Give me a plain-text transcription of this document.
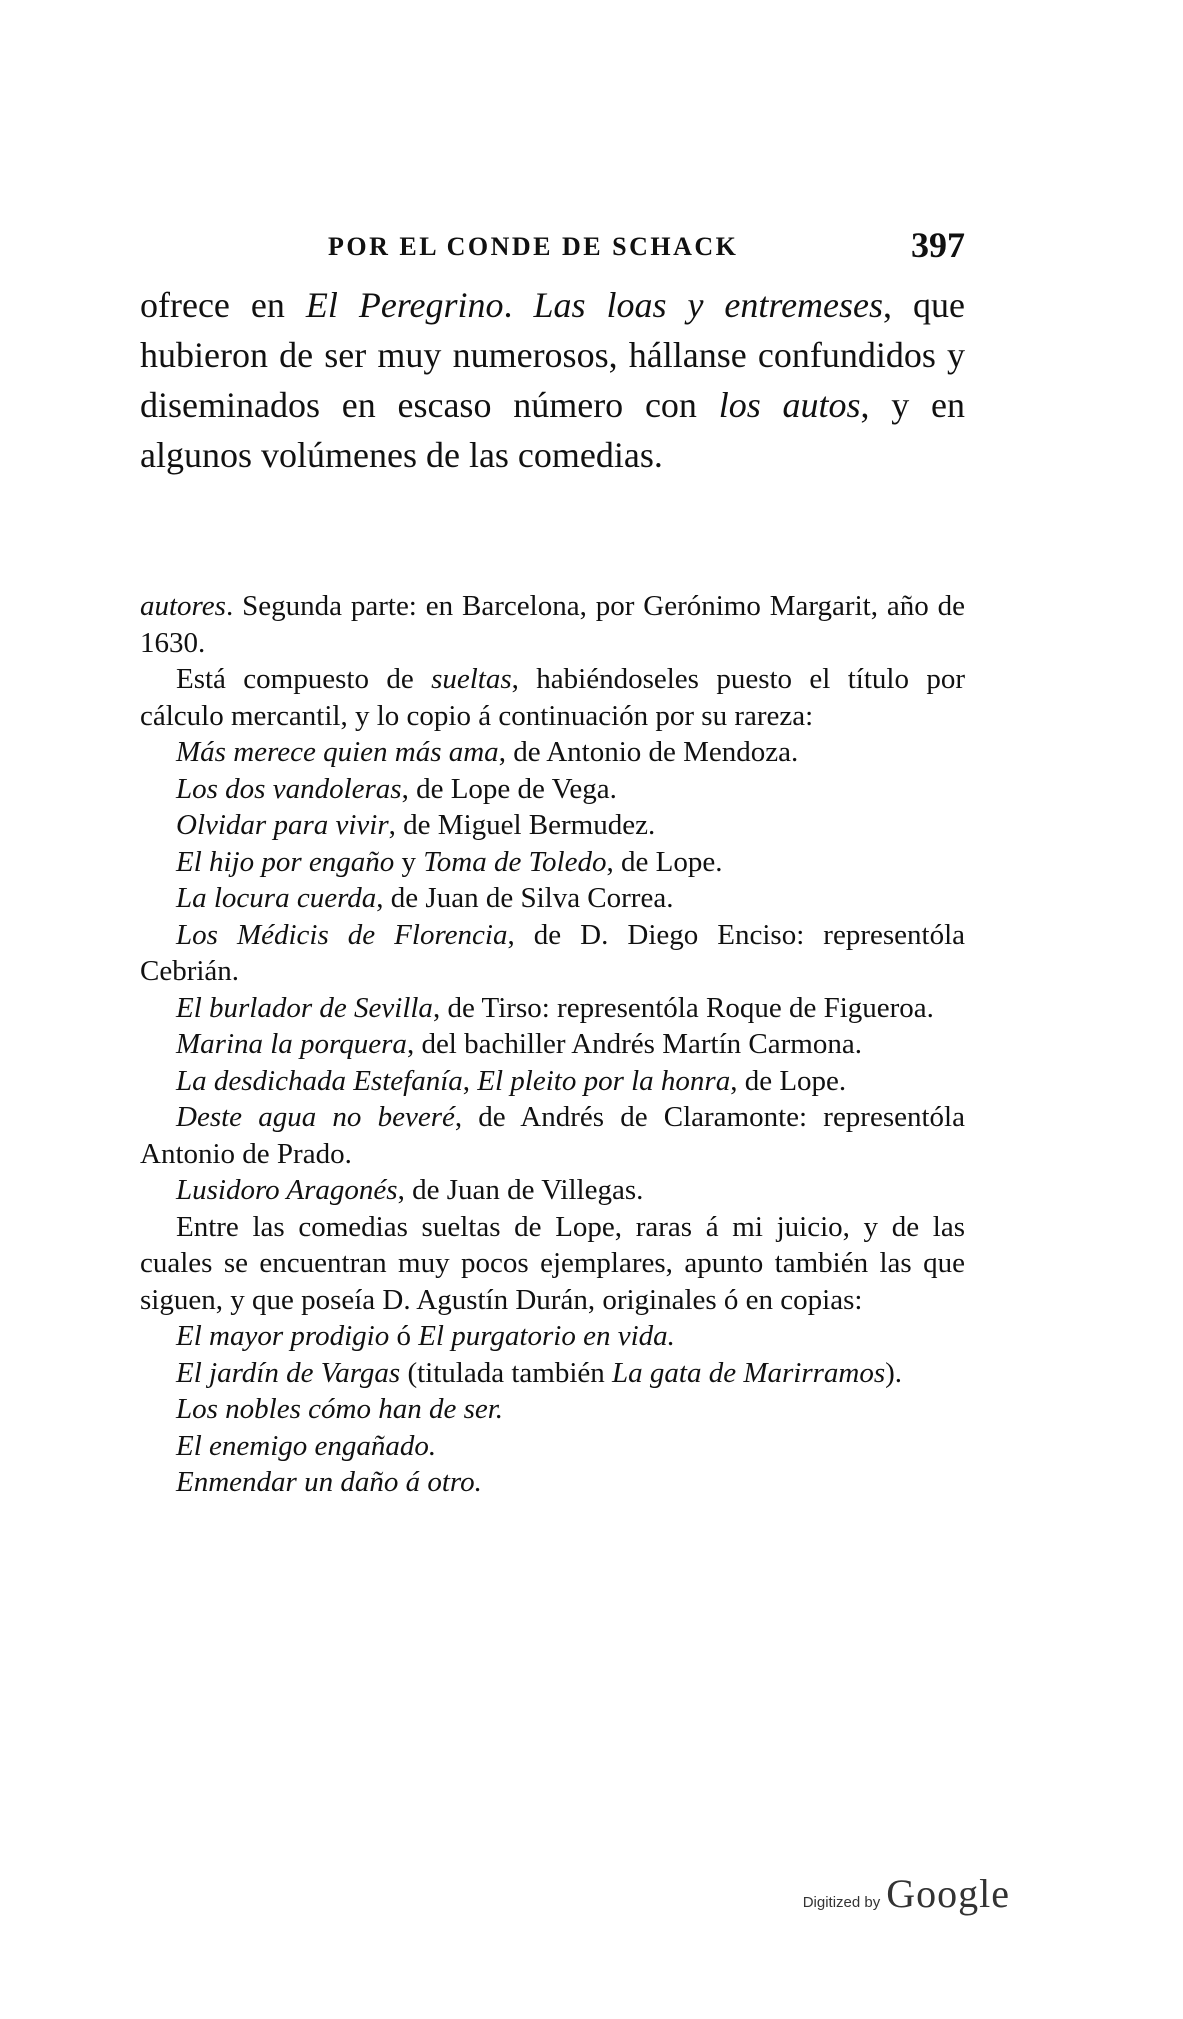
POR EL CONDE DE SCHACK	397

ofrece en El Peregrino. Las loas y entremeses, que hubieron de ser muy numerosos, hállanse confundidos y diseminados en escaso número con los autos, y en algunos volúmenes de las comedias.

autores. Segunda parte: en Barcelona, por Gerónimo Margarit, año de 1630.

Está compuesto de sueltas, habiéndoseles puesto el título por cálculo mercantil, y lo copio á continuación por su rareza:

Más merece quien más ama, de Antonio de Mendoza.

Los dos vandoleras, de Lope de Vega.

Olvidar para vivir, de Miguel Bermudez.

El hijo por engaño y Toma de Toledo, de Lope.

La locura cuerda, de Juan de Silva Correa.

Los Médicis de Florencia, de D. Diego Enciso: representóla Cebrián.

El burlador de Sevilla, de Tirso: representóla Roque de Figueroa.

Marina la porquera, del bachiller Andrés Martín Carmona.

La desdichada Estefanía, El pleito por la honra, de Lope.

Deste agua no beveré, de Andrés de Claramonte: representóla Antonio de Prado.

Lusidoro Aragonés, de Juan de Villegas.

Entre las comedias sueltas de Lope, raras á mi juicio, y de las cuales se encuentran muy pocos ejemplares, apunto también las que siguen, y que poseía D. Agustín Durán, originales ó en copias:

El mayor prodigio ó El purgatorio en vida.

El jardín de Vargas (titulada también La gata de Marirramos).

Los nobles cómo han de ser.

El enemigo engañado.

Enmendar un daño á otro.

Digitized by Google
